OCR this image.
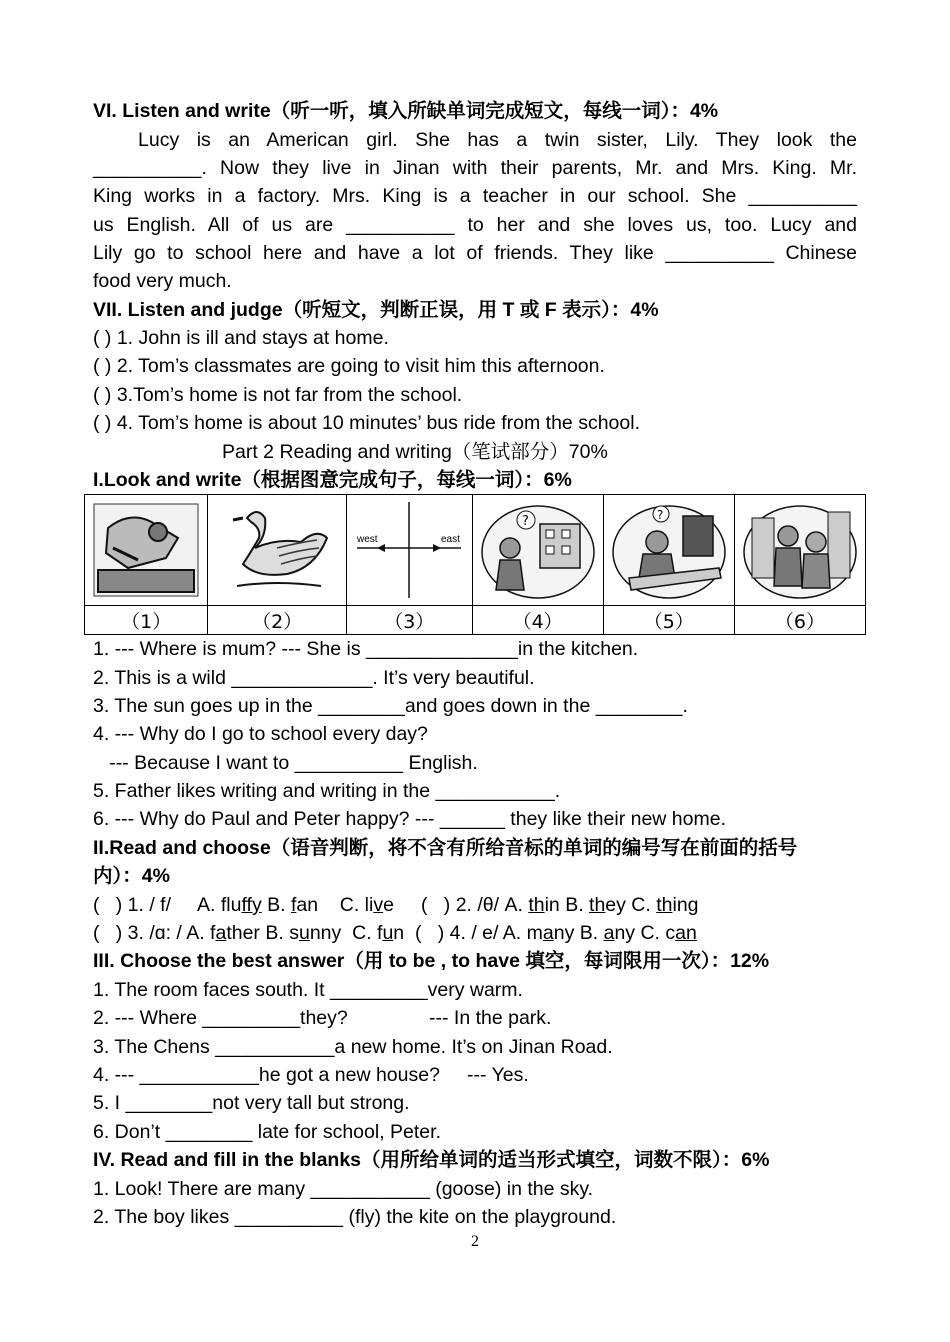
VI. Listen and write（听一听，填入所缺单词完成短文，每线一词）：4%
Lucy is an American girl. She has a twin sister, Lily. They look the
__________. Now they live in Jinan with their parents, Mr. and Mrs. King. Mr.
King works in a factory. Mrs. King is a teacher in our school. She __________
us English. All of us are __________ to her and she loves us, too. Lucy and
Lily go to school here and have a lot of friends. They like __________ Chinese
food very much.
VII. Listen and judge（听短文，判断正误，用 T 或 F 表示）：4%
( ) 1. John is ill and stays at home.
( ) 2. Tom’s classmates are going to visit him this afternoon.
( ) 3.Tom’s home is not far from the school.
( ) 4. Tom’s home is about 10 minutes’ bus ride from the school.
Part 2 Reading and writing（笔试部分）70%
I.Look and write（根据图意完成句子，每线一词）：6%

west east	?	?

（1）	（2）	（3）	（4）	（5）	（6）
1. --- Where is mum? --- She is ______________in the kitchen.
2. This is a wild _____________. It’s very beautiful.
3. The sun goes up in the ________and goes down in the ________.
4. --- Why do I go to school every day?
--- Because I want to __________ English.
5. Father likes writing and writing in the ___________.
6. --- Why do Paul and Peter happy? --- ______ they like their new home.
II.Read and choose（语音判断，将不含有所给音标的单词的编号写在前面的括号
内）：4%
(   ) 1. / f/     A. fluffy B. fan    C. live     (   ) 2. /θ/ A. thin B. they C. thing
(   ) 3. /ɑ: / A. father B. sunny  C. fun  (   ) 4. / e/ A. many B. any C. can
III. Choose the best answer（用 to be , to have 填空，每词限用一次）：12%
1. The room faces south. It _________very warm.
2. --- Where _________they?               --- In the park.
3. The Chens ___________a new home. It’s on Jinan Road.
4. --- ___________he got a new house?     --- Yes.
5. I ________not very tall but strong.
6. Don’t ________ late for school, Peter.
IV. Read and fill in the blanks（用所给单词的适当形式填空，词数不限）：6%
1. Look! There are many ___________ (goose) in the sky.
2. The boy likes __________ (fly) the kite on the playground.
2
